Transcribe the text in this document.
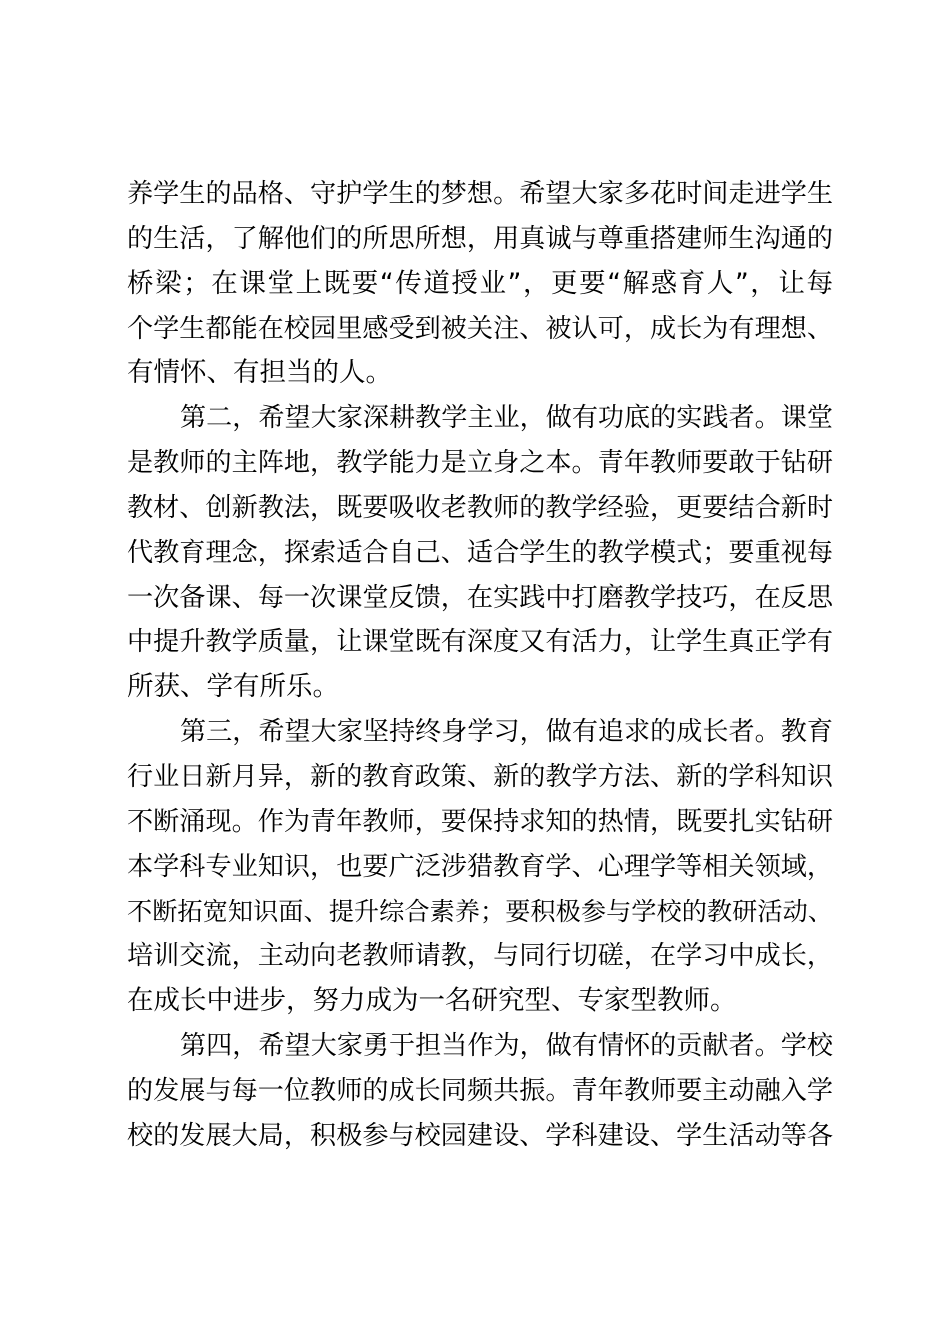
养学生的品格、守护学生的梦想。希望大家多花时间走进学生
的生活，了解他们的所思所想，用真诚与尊重搭建师生沟通的
桥梁；在课堂上既要“传道授业”，更要“解惑育人”，让每
个学生都能在校园里感受到被关注、被认可，成长为有理想、
有情怀、有担当的人。

第二，希望大家深耕教学主业，做有功底的实践者。课堂
是教师的主阵地，教学能力是立身之本。青年教师要敢于钻研
教材、创新教法，既要吸收老教师的教学经验，更要结合新时
代教育理念，探索适合自己、适合学生的教学模式；要重视每
一次备课、每一次课堂反馈，在实践中打磨教学技巧，在反思
中提升教学质量，让课堂既有深度又有活力，让学生真正学有
所获、学有所乐。

第三，希望大家坚持终身学习，做有追求的成长者。教育
行业日新月异，新的教育政策、新的教学方法、新的学科知识
不断涌现。作为青年教师，要保持求知的热情，既要扎实钻研
本学科专业知识，也要广泛涉猎教育学、心理学等相关领域，
不断拓宽知识面、提升综合素养；要积极参与学校的教研活动、
培训交流，主动向老教师请教，与同行切磋，在学习中成长，
在成长中进步，努力成为一名研究型、专家型教师。

第四，希望大家勇于担当作为，做有情怀的贡献者。学校
的发展与每一位教师的成长同频共振。青年教师要主动融入学
校的发展大局，积极参与校园建设、学科建设、学生活动等各
